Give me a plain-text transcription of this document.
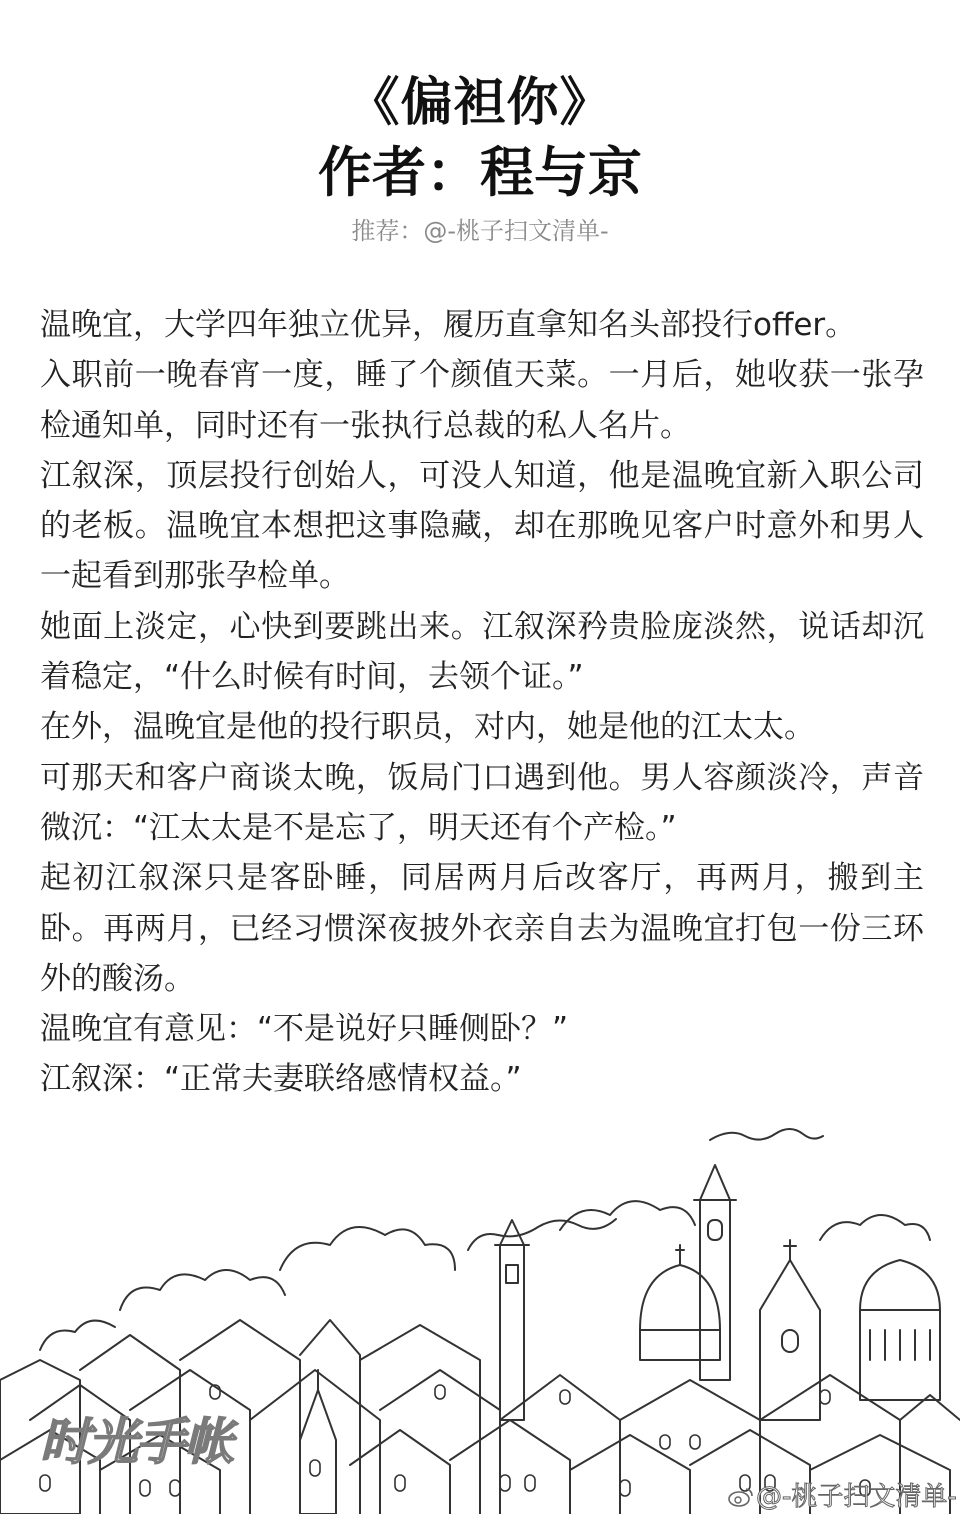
《偏袒你》
作者：程与京
推荐：@-桃子扫文清单-

温晚宜，大学四年独立优异，履历直拿知名头部投行offer。

入职前一晚春宵一度，睡了个颜值天菜。一月后，她收获一张孕检通知单，同时还有一张执行总裁的私人名片。

江叙深，顶层投行创始人，可没人知道，他是温晚宜新入职公司的老板。温晚宜本想把这事隐藏，却在那晚见客户时意外和男人一起看到那张孕检单。

她面上淡定，心快到要跳出来。江叙深矜贵脸庞淡然，说话却沉着稳定，“什么时候有时间，去领个证。”

在外，温晚宜是他的投行职员，对内，她是他的江太太。

可那天和客户商谈太晚，饭局门口遇到他。男人容颜淡冷，声音微沉：“江太太是不是忘了，明天还有个产检。”

起初江叙深只是客卧睡，同居两月后改客厅，再两月，搬到主卧。再两月，已经习惯深夜披外衣亲自去为温晚宜打包一份三环外的酸汤。

温晚宜有意见：“不是说好只睡侧卧？”

江叙深：“正常夫妻联络感情权益。”

时光手帐
@-桃子扫文清单-
